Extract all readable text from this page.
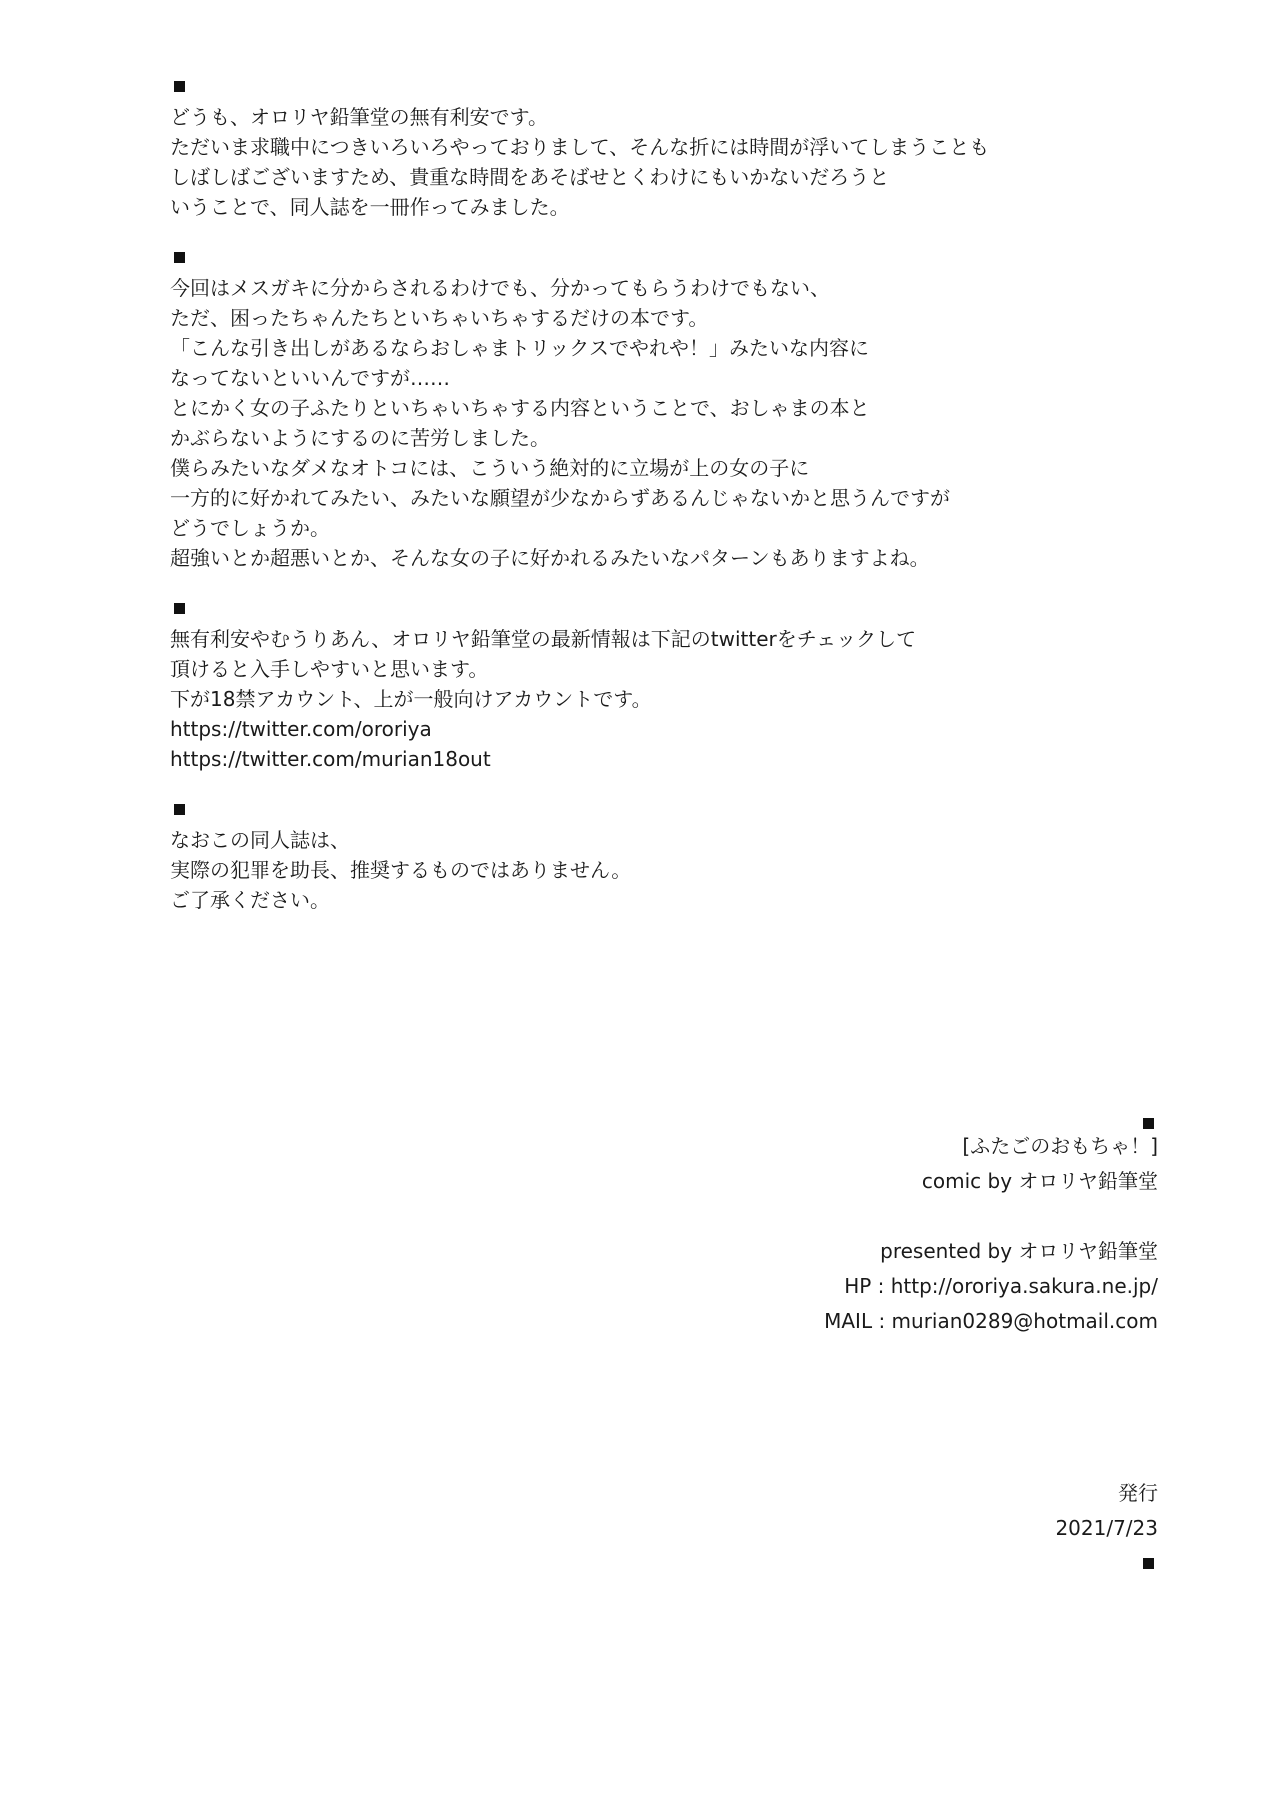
どうも、オロリヤ鉛筆堂の無有利安です。
ただいま求職中につきいろいろやっておりまして、そんな折には時間が浮いてしまうことも
しばしばございますため、貴重な時間をあそばせとくわけにもいかないだろうと
いうことで、同人誌を一冊作ってみました。
今回はメスガキに分からされるわけでも、分かってもらうわけでもない、
ただ、困ったちゃんたちといちゃいちゃするだけの本です。
「こんな引き出しがあるならおしゃまトリックスでやれや！」みたいな内容に
なってないといいんですが……
とにかく女の子ふたりといちゃいちゃする内容ということで、おしゃまの本と
かぶらないようにするのに苦労しました。
僕らみたいなダメなオトコには、こういう絶対的に立場が上の女の子に
一方的に好かれてみたい、みたいな願望が少なからずあるんじゃないかと思うんですが
どうでしょうか。
超強いとか超悪いとか、そんな女の子に好かれるみたいなパターンもありますよね。
無有利安やむうりあん、オロリヤ鉛筆堂の最新情報は下記のtwitterをチェックして
頂けると入手しやすいと思います。
下が18禁アカウント、上が一般向けアカウントです。
https://twitter.com/ororiya
https://twitter.com/murian18out
なおこの同人誌は、
実際の犯罪を助長、推奨するものではありません。
ご了承ください。
[ふたごのおもちゃ！]
comic by オロリヤ鉛筆堂
presented by オロリヤ鉛筆堂
HP : http://ororiya.sakura.ne.jp/
MAIL : murian0289@hotmail.com
発行
2021/7/23
